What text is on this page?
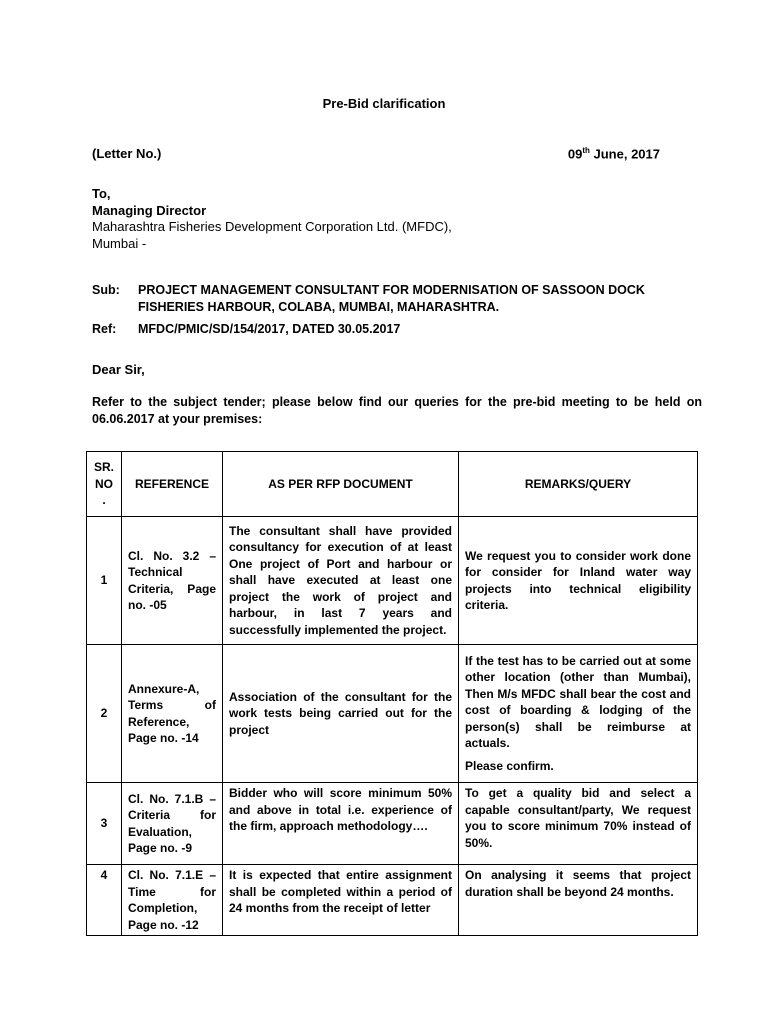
Pre-Bid clarification
(Letter No.)	09th June, 2017
To,
Managing Director
Maharashtra Fisheries Development Corporation Ltd. (MFDC),
Mumbai -
Sub: PROJECT MANAGEMENT CONSULTANT FOR MODERNISATION OF SASSOON DOCK FISHERIES HARBOUR, COLABA, MUMBAI, MAHARASHTRA.
Ref: MFDC/PMIC/SD/154/2017, DATED 30.05.2017
Dear Sir,
Refer to the subject tender; please below find our queries for the pre-bid meeting to be held on 06.06.2017 at your premises:
SR. NO .	REFERENCE	AS PER RFP DOCUMENT	REMARKS/QUERY
1	Cl. No. 3.2 – Technical Criteria, Page no. -05	The consultant shall have provided consultancy for execution of at least One project of Port and harbour or shall have executed at least one project the work of project and harbour, in last 7 years and successfully implemented the project.	We request you to consider work done for consider for Inland water way projects into technical eligibility criteria.
2	Annexure-A, Terms of Reference, Page no. -14	Association of the consultant for the work tests being carried out for the project	If the test has to be carried out at some other location (other than Mumbai), Then M/s MFDC shall bear the cost and cost of boarding & lodging of the person(s) shall be reimburse at actuals.
Please confirm.

3	Cl. No. 7.1.B – Criteria for Evaluation, Page no. -9	Bidder who will score minimum 50% and above in total i.e. experience of the firm, approach methodology….	To get a quality bid and select a capable consultant/party, We request you to score minimum 70% instead of 50%.
4	Cl. No. 7.1.E – Time for Completion, Page no. -12	It is expected that entire assignment shall be completed within a period of 24 months from the receipt of letter	On analysing it seems that project duration shall be beyond 24 months.
